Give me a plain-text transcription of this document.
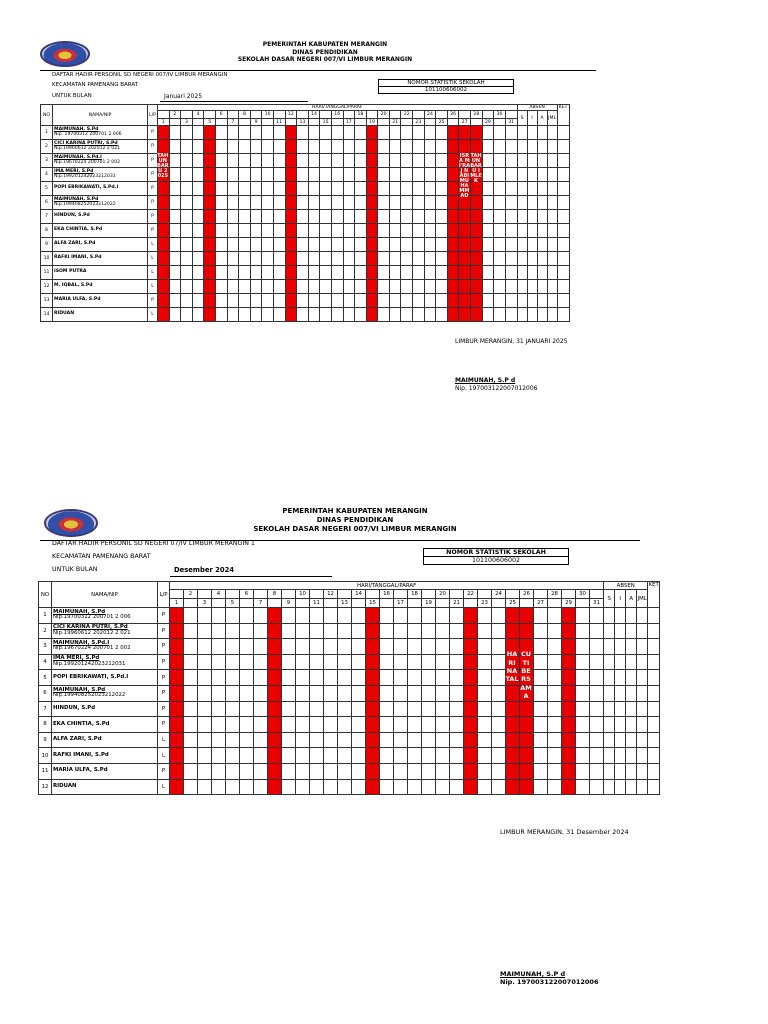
PEMERINTAH KABUPATEN MERANGIN
DINAS PENDIDIKAN
SEKOLAH DASAR NEGERI 007/VI LIMBUR MERANGIN
DAFTAR HADIR PERSONIL SD NEGERI 007/IV LIMBUR MERANGIN
KECAMATAN PAMENANG BARAT
UNTUK BULAN	Januari 2025
NOMOR STATISTIK SEKOLAH
101100606002
NO	NAMA/NIP	L/P	HARI/TANGGAL/PARAF																															ABSEN				KET
				2		4		6		8		10		12		14		16		18		20		22		24		26		28		30		S	I	A	JML	
			1		3		5		7		9		11		13		15		17		19		21		23		25		27		29		31					
1	MAIMUNAH, S.Pd
Nip. 19700312 200701 2 006	P																																				
2	CICI KARINA PUTRI, S.Pd
Nip.19960612 202012 2 021	P																																				
3	MAIMUNAH, S.Pd.I
Nip.19670224 200701 2 002	P																																				
4	IMA MERI, S.Pd
Nip.199201242023212031	P																																				
5	POPI EBRIKAWATI, S.Pd.I	P																																				
6	MAIMUNAH, S.Pd
Nip.199408252023212022	P																																				
7	HINDUN, S.Pd	P																																				
8	EKA CHINTIA, S.Pd	P																																				
9	ALFA ZARI, S.Pd	L																																				
10	RAFKI IMANI, S.Pd	L																																				
11	ISOM PUTRA	L																																				
12	M. IQBAL, S.Pd	L																																				
13	MARIA ULFA, S.Pd	P																																				
14	RIDUAN	L																																				
TAHUN BARU 2025
ISRA MI'RAJ NABI MUHAMMAD
TAHUN BARU IMLEK
LIMBUR MERANGIN, 31 JANUARI 2025
MAIMUNAH, S.P d
Nip. 197003122007012006
PEMERINTAH KABUPATEN MERANGIN
DINAS PENDIDIKAN
SEKOLAH DASAR NEGERI 007/VI LIMBUR MERANGIN
DAFTAR HADIR PERSONIL SD NEGERI 07/IV LIMBUR MERANGIN 1
KECAMATAN PAMENANG BARAT
UNTUK BULAN	Desember 2024
NOMOR STATISTIK SEKOLAH
101100606002
NO	NAMA/NIP	L/P	HARI/TANGGAL/PARAF																															ABSEN				KET
				2		4		6		8		10		12		14		16		18		20		22		24		26		28		30		S	I	A	JML	
			1		3		5		7		9		11		13		15		17		19		21		23		25		27		29		31					
1	MAIMUNAH, S.Pd
Nip.19700312 200701 2 006	P																																				
2	CICI KARINA PUTRI, S.Pd
Nip.19960612 202012 2 021	P																																				
3	MAIMUNAH, S.Pd.I
Nip.19670224 200701 2 002	P																																				
4	IMA MERI, S.Pd
Nip.199201242023212031	P																																				
5	POPI EBRIKAWATI, S.Pd.I	P																																				
6	MAIMUNAH, S.Pd
Nip.199408252023212022	P																																				
7	HINDUN, S.Pd	P																																				
8	EKA CHINTIA, S.Pd	P																																				
9	ALFA ZARI, S.Pd	L																																				
10	RAFKI IMANI, S.Pd	L																																				
11	MARIA ULFA, S.Pd	P																																				
12	RIDUAN	L																																				
HARI NATAL
CUTI BERSAMA
LIMBUR MERANGIN, 31 Desember 2024
MAIMUNAH, S.P d
Nip. 197003122007012006
